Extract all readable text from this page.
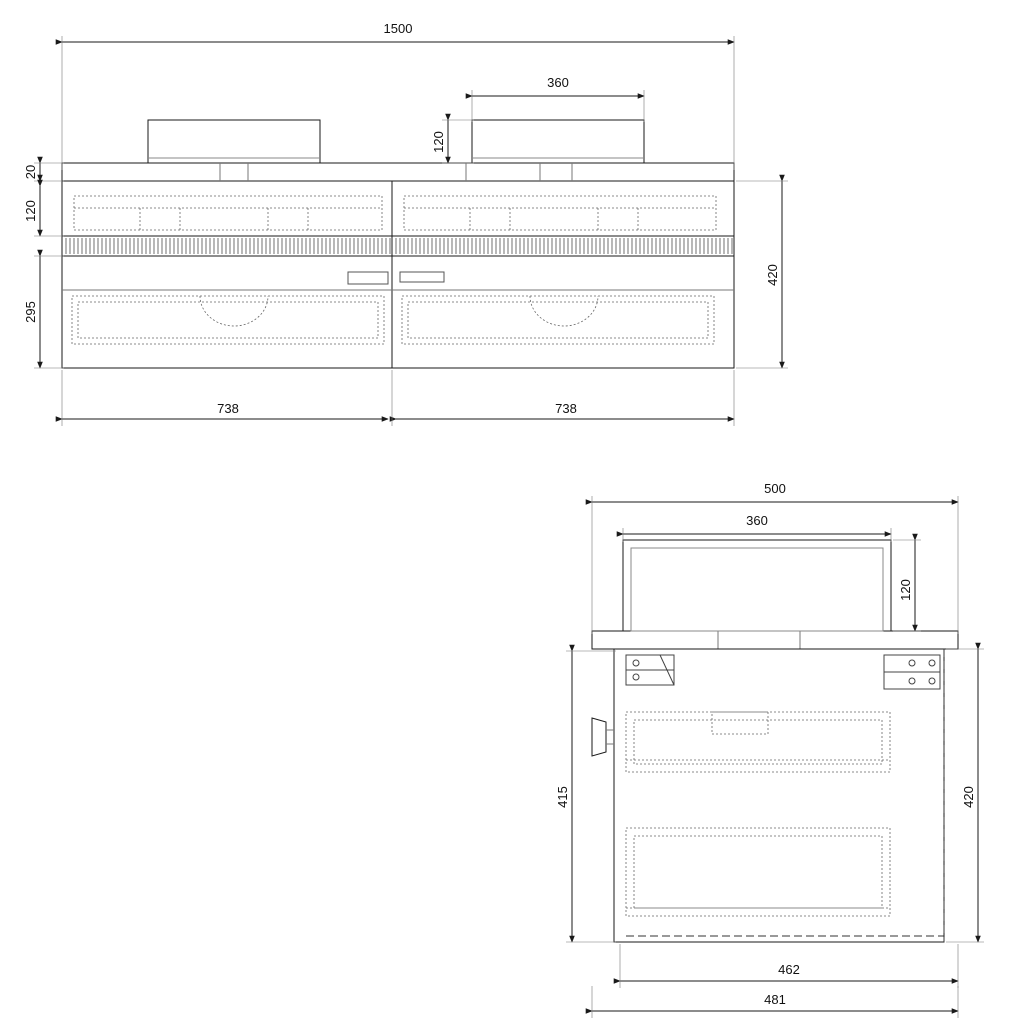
1500
360
120
20
120
295
420
738	738
500
360
120
415	420
462
481
